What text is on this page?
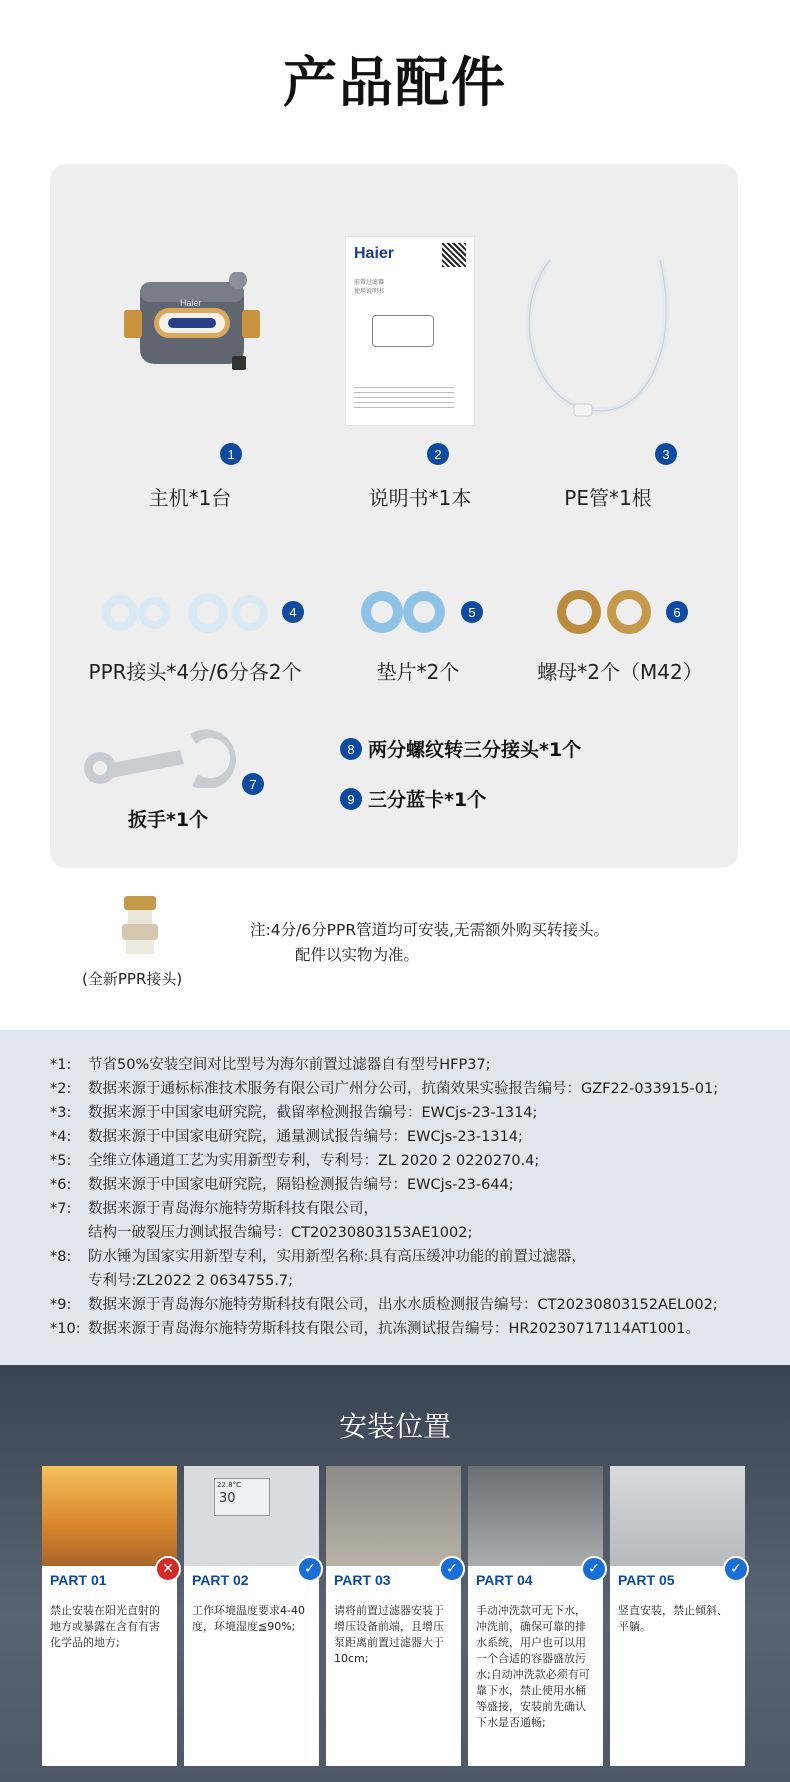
产品配件
Haier
Haier
前置过滤器
使用说明书
1	2	3
主机*1台	说明书*1本	PE管*1根
4	5	6
PPR接头*4分/6分各2个	垫片*2个	螺母*2个（M42）
7
扳手*1个
8 两分螺纹转三分接头*1个
9 三分蓝卡*1个
(全新PPR接头)
注:4分/6分PPR管道均可安装,无需额外购买转接头。
配件以实物为准。
*1: 节省50%安装空间对比型号为海尔前置过滤器自有型号HFP37;
*2: 数据来源于通标标准技术服务有限公司广州分公司，抗菌效果实验报告编号：GZF22-033915-01;
*3: 数据来源于中国家电研究院，截留率检测报告编号：EWCjs-23-1314;
*4: 数据来源于中国家电研究院，通量测试报告编号：EWCjs-23-1314;
*5: 全维立体通道工艺为实用新型专利，专利号：ZL 2020 2 0220270.4;
*6: 数据来源于中国家电研究院，隔铅检测报告编号：EWCjs-23-644;
*7: 数据来源于青岛海尔施特劳斯科技有限公司，
结构一破裂压力测试报告编号：CT20230803153AE1002;
*8: 防水锤为国家实用新型专利，实用新型名称:具有高压缓冲功能的前置过滤器，
专利号:ZL2022 2 0634755.7;
*9: 数据来源于青岛海尔施特劳斯科技有限公司，出水水质检测报告编号：CT20230803152AEL002;
*10: 数据来源于青岛海尔施特劳斯科技有限公司，抗冻测试报告编号：HR20230717114AT1001。
安装位置
✕
PART 01
禁止安装在阳光直射的地方或暴露在含有有害化学品的地方;
22.8°C
30
✓
PART 02
工作环境温度要求4-40度，环境湿度≦90%;
✓
PART 03
请将前置过滤器安装于增压设备前端，且增压泵距离前置过滤器大于10cm;
✓
PART 04
手动冲洗款可无下水，冲洗前，确保可靠的排水系统，用户也可以用一个合适的容器盛放污水;自动冲洗款必须有可靠下水，禁止使用水桶等盛接，安装前先确认下水是否通畅;
✓
PART 05
竖直安装，禁止倾斜、平躺。
